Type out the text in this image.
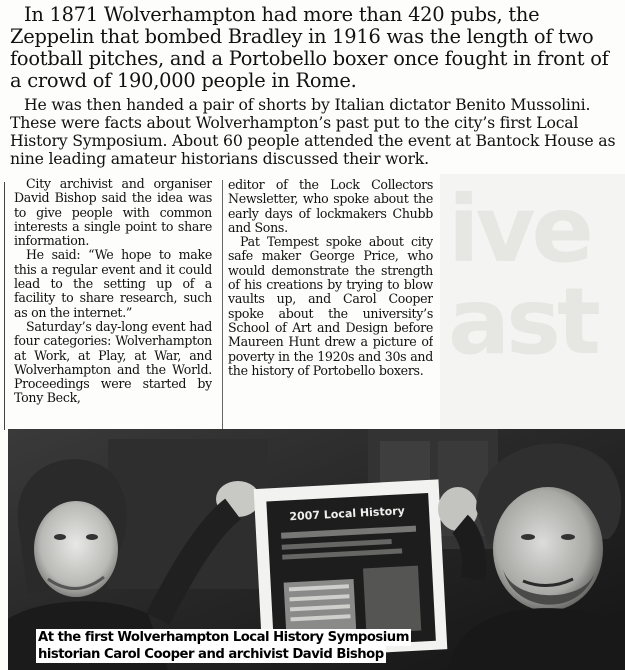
In 1871 Wolverhampton had more than 420 pubs, the Zeppelin that bombed Bradley in 1916 was the length of two football pitches, and a Portobello boxer once fought in front of a crowd of 190,000 people in Rome.

He was then handed a pair of shorts by Italian dictator Benito Mussolini. These were facts about Wolverhampton’s past put to the city’s first Local History Symposium. About 60 people attended the event at Bantock House as nine leading amateur historians discussed their work.

City archivist and organiser David Bishop said the idea was to give people with common interests a single point to share information.

He said: “We hope to make this a regular event and it could lead to the setting up of a facility to share research, such as on the internet.”

Saturday’s day-long event had four categories: Wolverhampton at Work, at Play, at War, and Wolverhampton and the World. Proceedings were started by Tony Beck,

editor of the Lock Collectors Newsletter, who spoke about the early days of lockmakers Chubb and Sons.

Pat Tempest spoke about city safe maker George Price, who would demonstrate the strength of his creations by trying to blow vaults up, and Carol Cooper spoke about the university’s School of Art and Design before Maureen Hunt drew a picture of poverty in the 1920s and 30s and the history of Portobello boxers.

ive
ast
2007 Local History
At the first Wolverhampton Local History Symposium
historian Carol Cooper and archivist David Bishop
